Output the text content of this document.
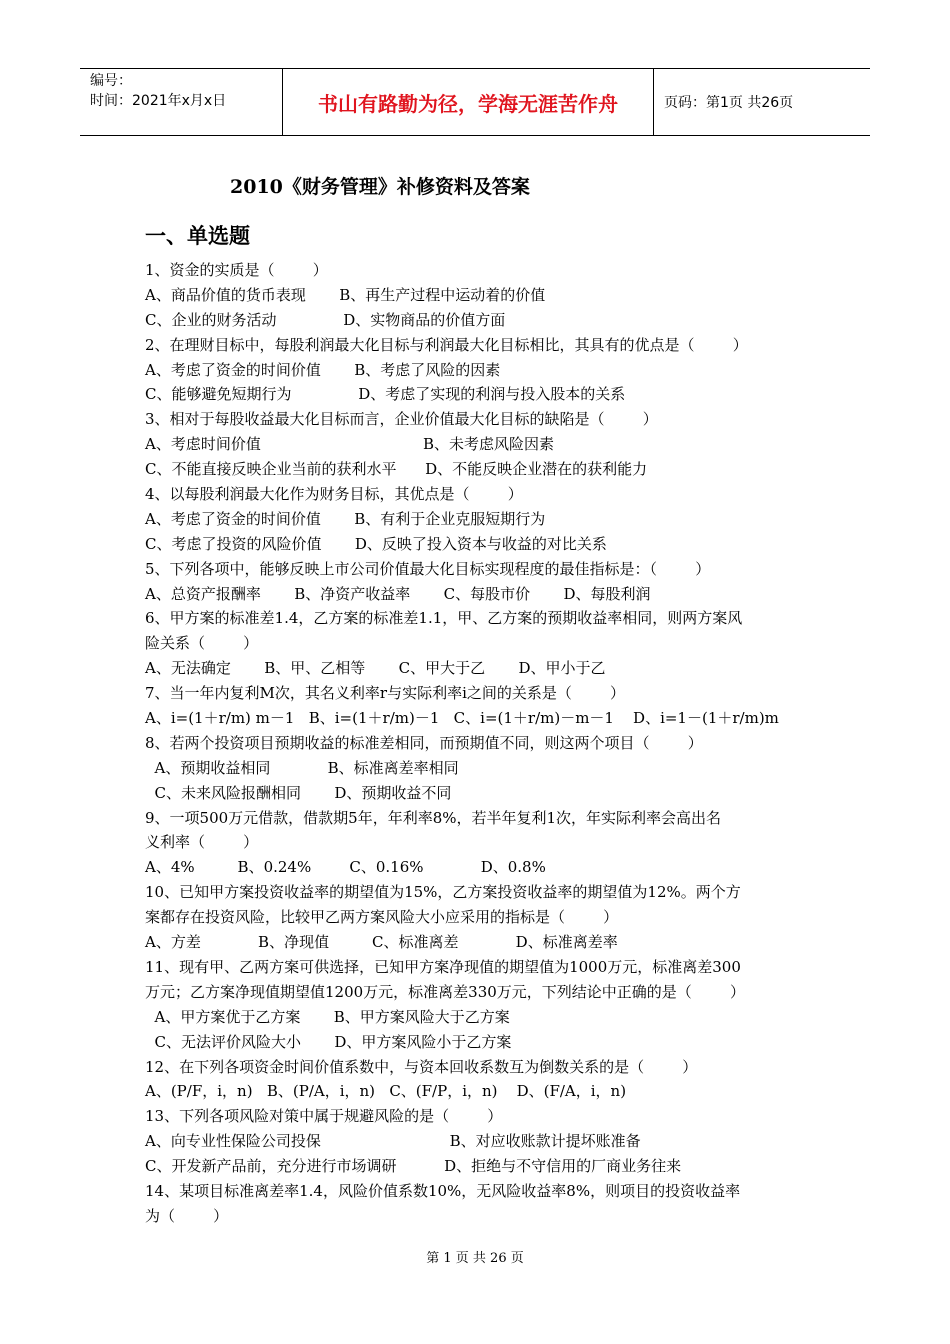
编号：
时间：2021年x月x日	书山有路勤为径，学海无涯苦作舟	页码：第1页 共26页
2010《财务管理》补修资料及答案
一、单选题
1、资金的实质是（        ）
A、商品价值的货币表现       B、再生产过程中运动着的价值
C、企业的财务活动              D、实物商品的价值方面
2、在理财目标中，每股利润最大化目标与利润最大化目标相比，其具有的优点是（        ）
A、考虑了资金的时间价值       B、考虑了风险的因素
C、能够避免短期行为              D、考虑了实现的利润与投入股本的关系
3、相对于每股收益最大化目标而言，企业价值最大化目标的缺陷是（        ）
A、考虑时间价值                                  B、未考虑风险因素
C、不能直接反映企业当前的获利水平      D、不能反映企业潜在的获利能力
4、以每股利润最大化作为财务目标，其优点是（        ）
A、考虑了资金的时间价值       B、有利于企业克服短期行为
C、考虑了投资的风险价值       D、反映了投入资本与收益的对比关系
5、下列各项中，能够反映上市公司价值最大化目标实现程度的最佳指标是：（        ）
A、总资产报酬率       B、净资产收益率       C、每股市价       D、每股利润
6、甲方案的标准差1.4，乙方案的标准差1.1，甲、乙方案的预期收益率相同，则两方案风
险关系（        ）
A、无法确定       B、甲、乙相等       C、甲大于乙       D、甲小于乙
7、当一年内复利M次，其名义利率r与实际利率i之间的关系是（        ）
A、i=(1＋r/m) m－1   B、i=(1＋r/m)－1   C、i=(1＋r/m)－m－1    D、i=1－(1＋r/m)m
8、若两个投资项目预期收益的标准差相同，而预期值不同，则这两个项目（        ）
A、预期收益相同            B、标准离差率相同
C、未来风险报酬相同       D、预期收益不同
9、一项500万元借款，借款期5年，年利率8%，若半年复利1次，年实际利率会高出名
义利率（        ）
A、4%         B、0.24%        C、0.16%            D、0.8%
10、已知甲方案投资收益率的期望值为15%，乙方案投资收益率的期望值为12%。两个方
案都存在投资风险，比较甲乙两方案风险大小应采用的指标是（        ）
A、方差            B、净现值         C、标准离差            D、标准离差率
11、现有甲、乙两方案可供选择，已知甲方案净现值的期望值为1000万元，标准离差300
万元；乙方案净现值期望值1200万元，标准离差330万元，下列结论中正确的是（        ）
A、甲方案优于乙方案       B、甲方案风险大于乙方案
C、无法评价风险大小       D、甲方案风险小于乙方案
12、在下列各项资金时间价值系数中，与资本回收系数互为倒数关系的是（        ）
A、(P/F，i，n)   B、(P/A，i，n)   C、(F/P，i，n)    D、(F/A，i，n)
13、下列各项风险对策中属于规避风险的是（        ）
A、向专业性保险公司投保                           B、对应收账款计提坏账准备
C、开发新产品前，充分进行市场调研          D、拒绝与不守信用的厂商业务往来
14、某项目标准离差率1.4，风险价值系数10%，无风险收益率8%，则项目的投资收益率
为（        ）
第 1 页 共 26 页
